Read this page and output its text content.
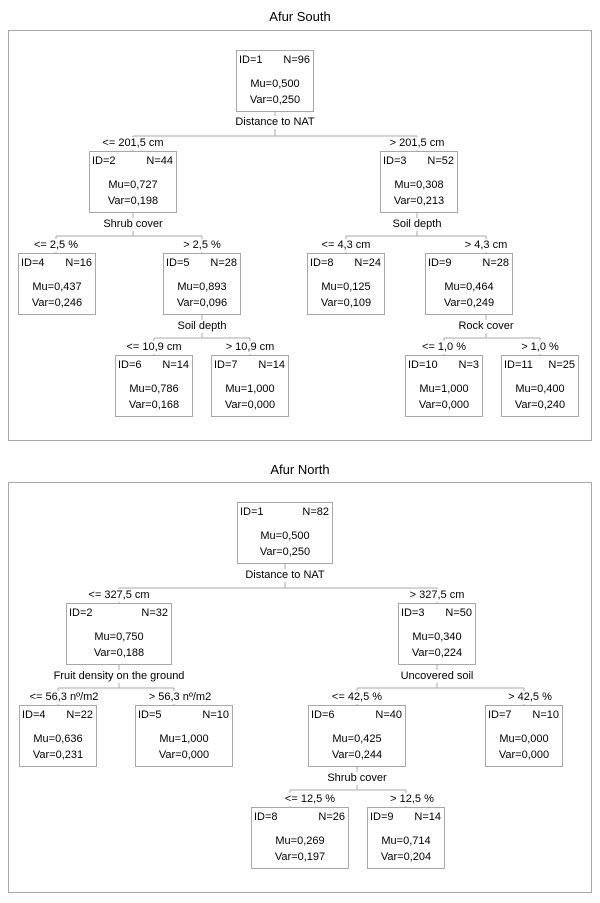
Afur South
ID=1 N=96
Mu=0,500
Var=0,250
Distance to NAT
<= 201,5 cm	> 201,5 cm
ID=2	N=44
Mu=0,727
Var=0,198
ID=3 N=52
Mu=0,308
Var=0,213
Shrub cover	Soil depth
<= 2,5 %	> 2,5 %	<= 4,3 cm	> 4,3 cm
ID=4 N=16
Mu=0,437
Var=0,246
ID=5 N=28
Mu=0,893
Var=0,096
ID=8 N=24
Mu=0,125
Var=0,109
ID=9	N=28
Mu=0,464
Var=0,249
Soil depth	Rock cover
<= 10,9 cm	> 10,9 cm	<= 1,0 %	> 1,0 %
ID=6 N=14
Mu=0,786
Var=0,168
ID=7 N=14
Mu=1,000
Var=0,000
ID=10 N=3
Mu=1,000
Var=0,000
ID=11 N=25
Mu=0,400
Var=0,240
Afur North
ID=1	N=82
Mu=0,500
Var=0,250
Distance to NAT
<= 327,5 cm	> 327,5 cm
ID=2	N=32
Mu=0,750
Var=0,188
ID=3 N=50
Mu=0,340
Var=0,224
Fruit density on the ground	Uncovered soil
<= 56,3 nº/m2	> 56,3 nº/m2	<= 42,5 %	> 42,5 %
ID=4 N=22
Mu=0,636
Var=0,231
ID=5	N=10
Mu=1,000
Var=0,000
ID=6	N=40
Mu=0,425
Var=0,244
ID=7 N=10
Mu=0,000
Var=0,000
Shrub cover
<= 12,5 %	> 12,5 %
ID=8	N=26
Mu=0,269
Var=0,197
ID=9 N=14
Mu=0,714
Var=0,204
